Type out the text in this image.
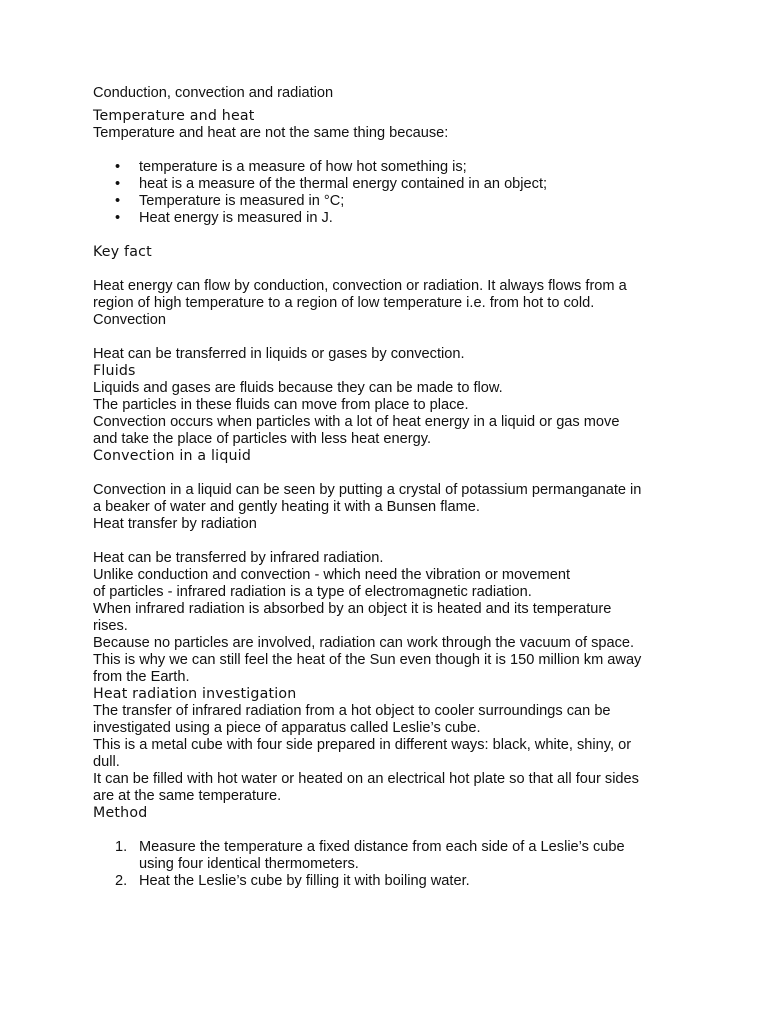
Conduction, convection and radiation

Temperature and heat

Temperature and heat are not the same thing because:

•	temperature is a measure of how hot something is;
•	heat is a measure of the thermal energy contained in an object;
•	Temperature is measured in °C;
•	Heat energy is measured in J.

Key fact

Heat energy can flow by conduction, convection or radiation. It always flows from a

region of high temperature to a region of low temperature i.e. from hot to cold.

Convection

Heat can be transferred in liquids or gases by convection.

Fluids

Liquids and gases are fluids because they can be made to flow.

The particles in these fluids can move from place to place.

Convection occurs when particles with a lot of heat energy in a liquid or gas move

and take the place of particles with less heat energy.

Convection in a liquid

Convection in a liquid can be seen by putting a crystal of potassium permanganate in

a beaker of water and gently heating it with a Bunsen flame.

Heat transfer by radiation

Heat can be transferred by infrared radiation.

Unlike conduction and convection - which need the vibration or movement

of particles - infrared radiation is a type of electromagnetic radiation.

When infrared radiation is absorbed by an object it is heated and its temperature

rises.

Because no particles are involved, radiation can work through the vacuum of space.

This is why we can still feel the heat of the Sun even though it is 150 million km away

from the Earth.

Heat radiation investigation

The transfer of infrared radiation from a hot object to cooler surroundings can be

investigated using a piece of apparatus called Leslie’s cube.

This is a metal cube with four side prepared in different ways: black, white, shiny, or

dull.

It can be filled with hot water or heated on an electrical hot plate so that all four sides

are at the same temperature.

Method

1. Measure the temperature a fixed distance from each side of a Leslie’s cube
using four identical thermometers.
2. Heat the Leslie’s cube by filling it with boiling water.
